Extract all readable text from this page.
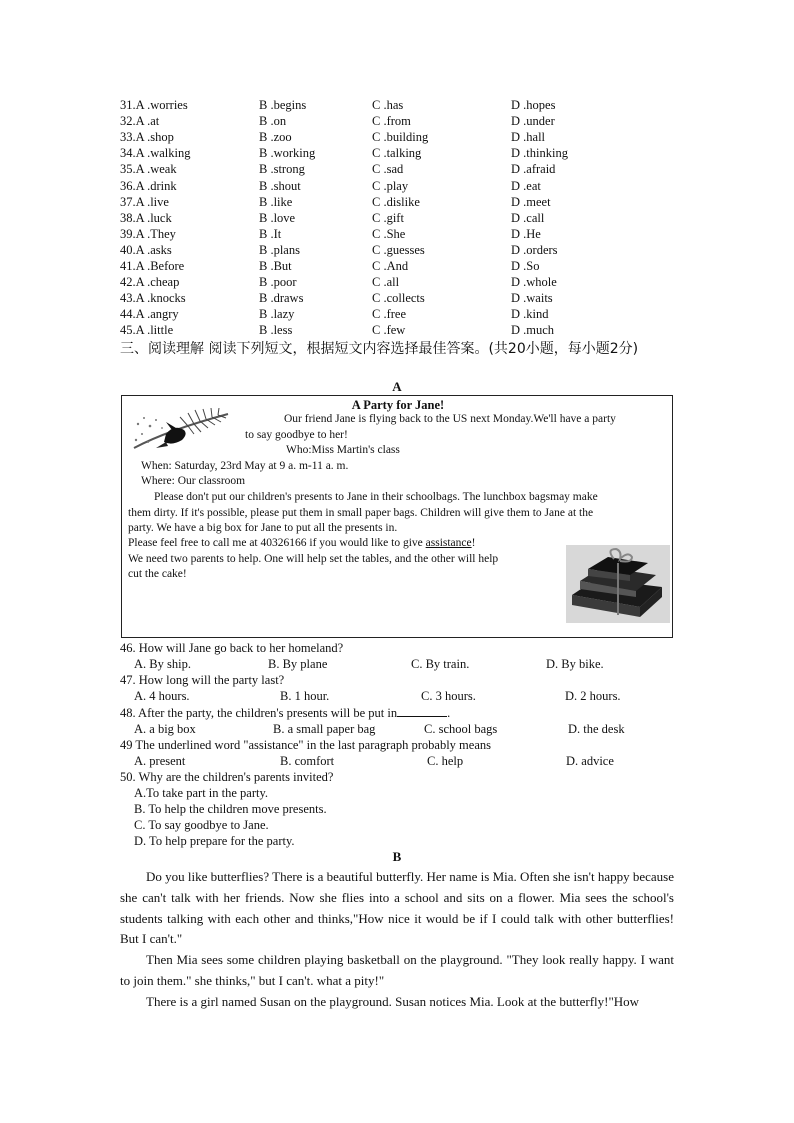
31.A .worries	B .begins	C .has	D .hopes
32.A .at	B .on	C .from	D .under
33.A .shop	B .zoo	C .building	D .hall
34.A .walking	B .working	C .talking	D .thinking
35.A .weak	B .strong	C .sad	D .afraid
36.A .drink	B .shout	C .play	D .eat
37.A .live	B .like	C .dislike	D .meet
38.A .luck	B .love	C .gift	D .call
39.A .They	B .It	C .She	D .He
40.A .asks	B .plans	C .guesses	D .orders
41.A .Before	B .But	C .And	D .So
42.A .cheap	B .poor	C .all	D .whole
43.A .knocks	B .draws	C .collects	D .waits
44.A .angry	B .lazy	C .free	D .kind
45.A .little	B .less	C .few	D .much
三、阅读理解 阅读下列短文，根据短文内容选择最佳答案。(共20小题，每小题2分)
A
A Party for Jane!
Our friend Jane is flying back to the US next Monday.We'll have a party
to say goodbye to her!
Who:Miss Martin's class
When: Saturday, 23rd May at 9 a. m-11 a. m.
Where: Our classroom
Please don't put our children's presents to Jane in their schoolbags. The lunchbox bagsmay make
them dirty. If it's possible, please put them in small paper bags. Children will give them to Jane at the
party. We have a big box for Jane to put all the presents in.
Please feel free to call me at 40326166 if you would like to give assistance!
We need two parents to help. One will help set the tables, and the other will help
cut the cake!
46. How will Jane go back to her homeland?
A. By ship.	B. By plane	C. By train.	D. By bike.
47. How long will the party last?
A. 4 hours.	B. 1 hour.	C. 3 hours.	D. 2 hours.
48. After the party, the children's presents will be put in	.
A. a big box	B. a small paper bag	C. school bags	D. the desk
49 The underlined word "assistance" in the last paragraph probably means
A. present	B. comfort	C. help	D. advice
50. Why are the children's parents invited?
A.To take part in the party.
B. To help the children move presents.
C. To say goodbye to Jane.
D. To help prepare for the party.
B
Do you like butterflies? There is a beautiful butterfly. Her name is Mia. Often she isn't happy because she can't talk with her friends. Now she flies into a school and sits on a flower. Mia sees the school's students talking with each other and thinks,"How nice it would be if I could talk with other butterflies! But I can't."
Then Mia sees some children playing basketball on the playground. "They look really happy. I want to join them." she thinks," but I can't. what a pity!"
There is a girl named Susan on the playground. Susan notices Mia. Look at the butterfly!"How
